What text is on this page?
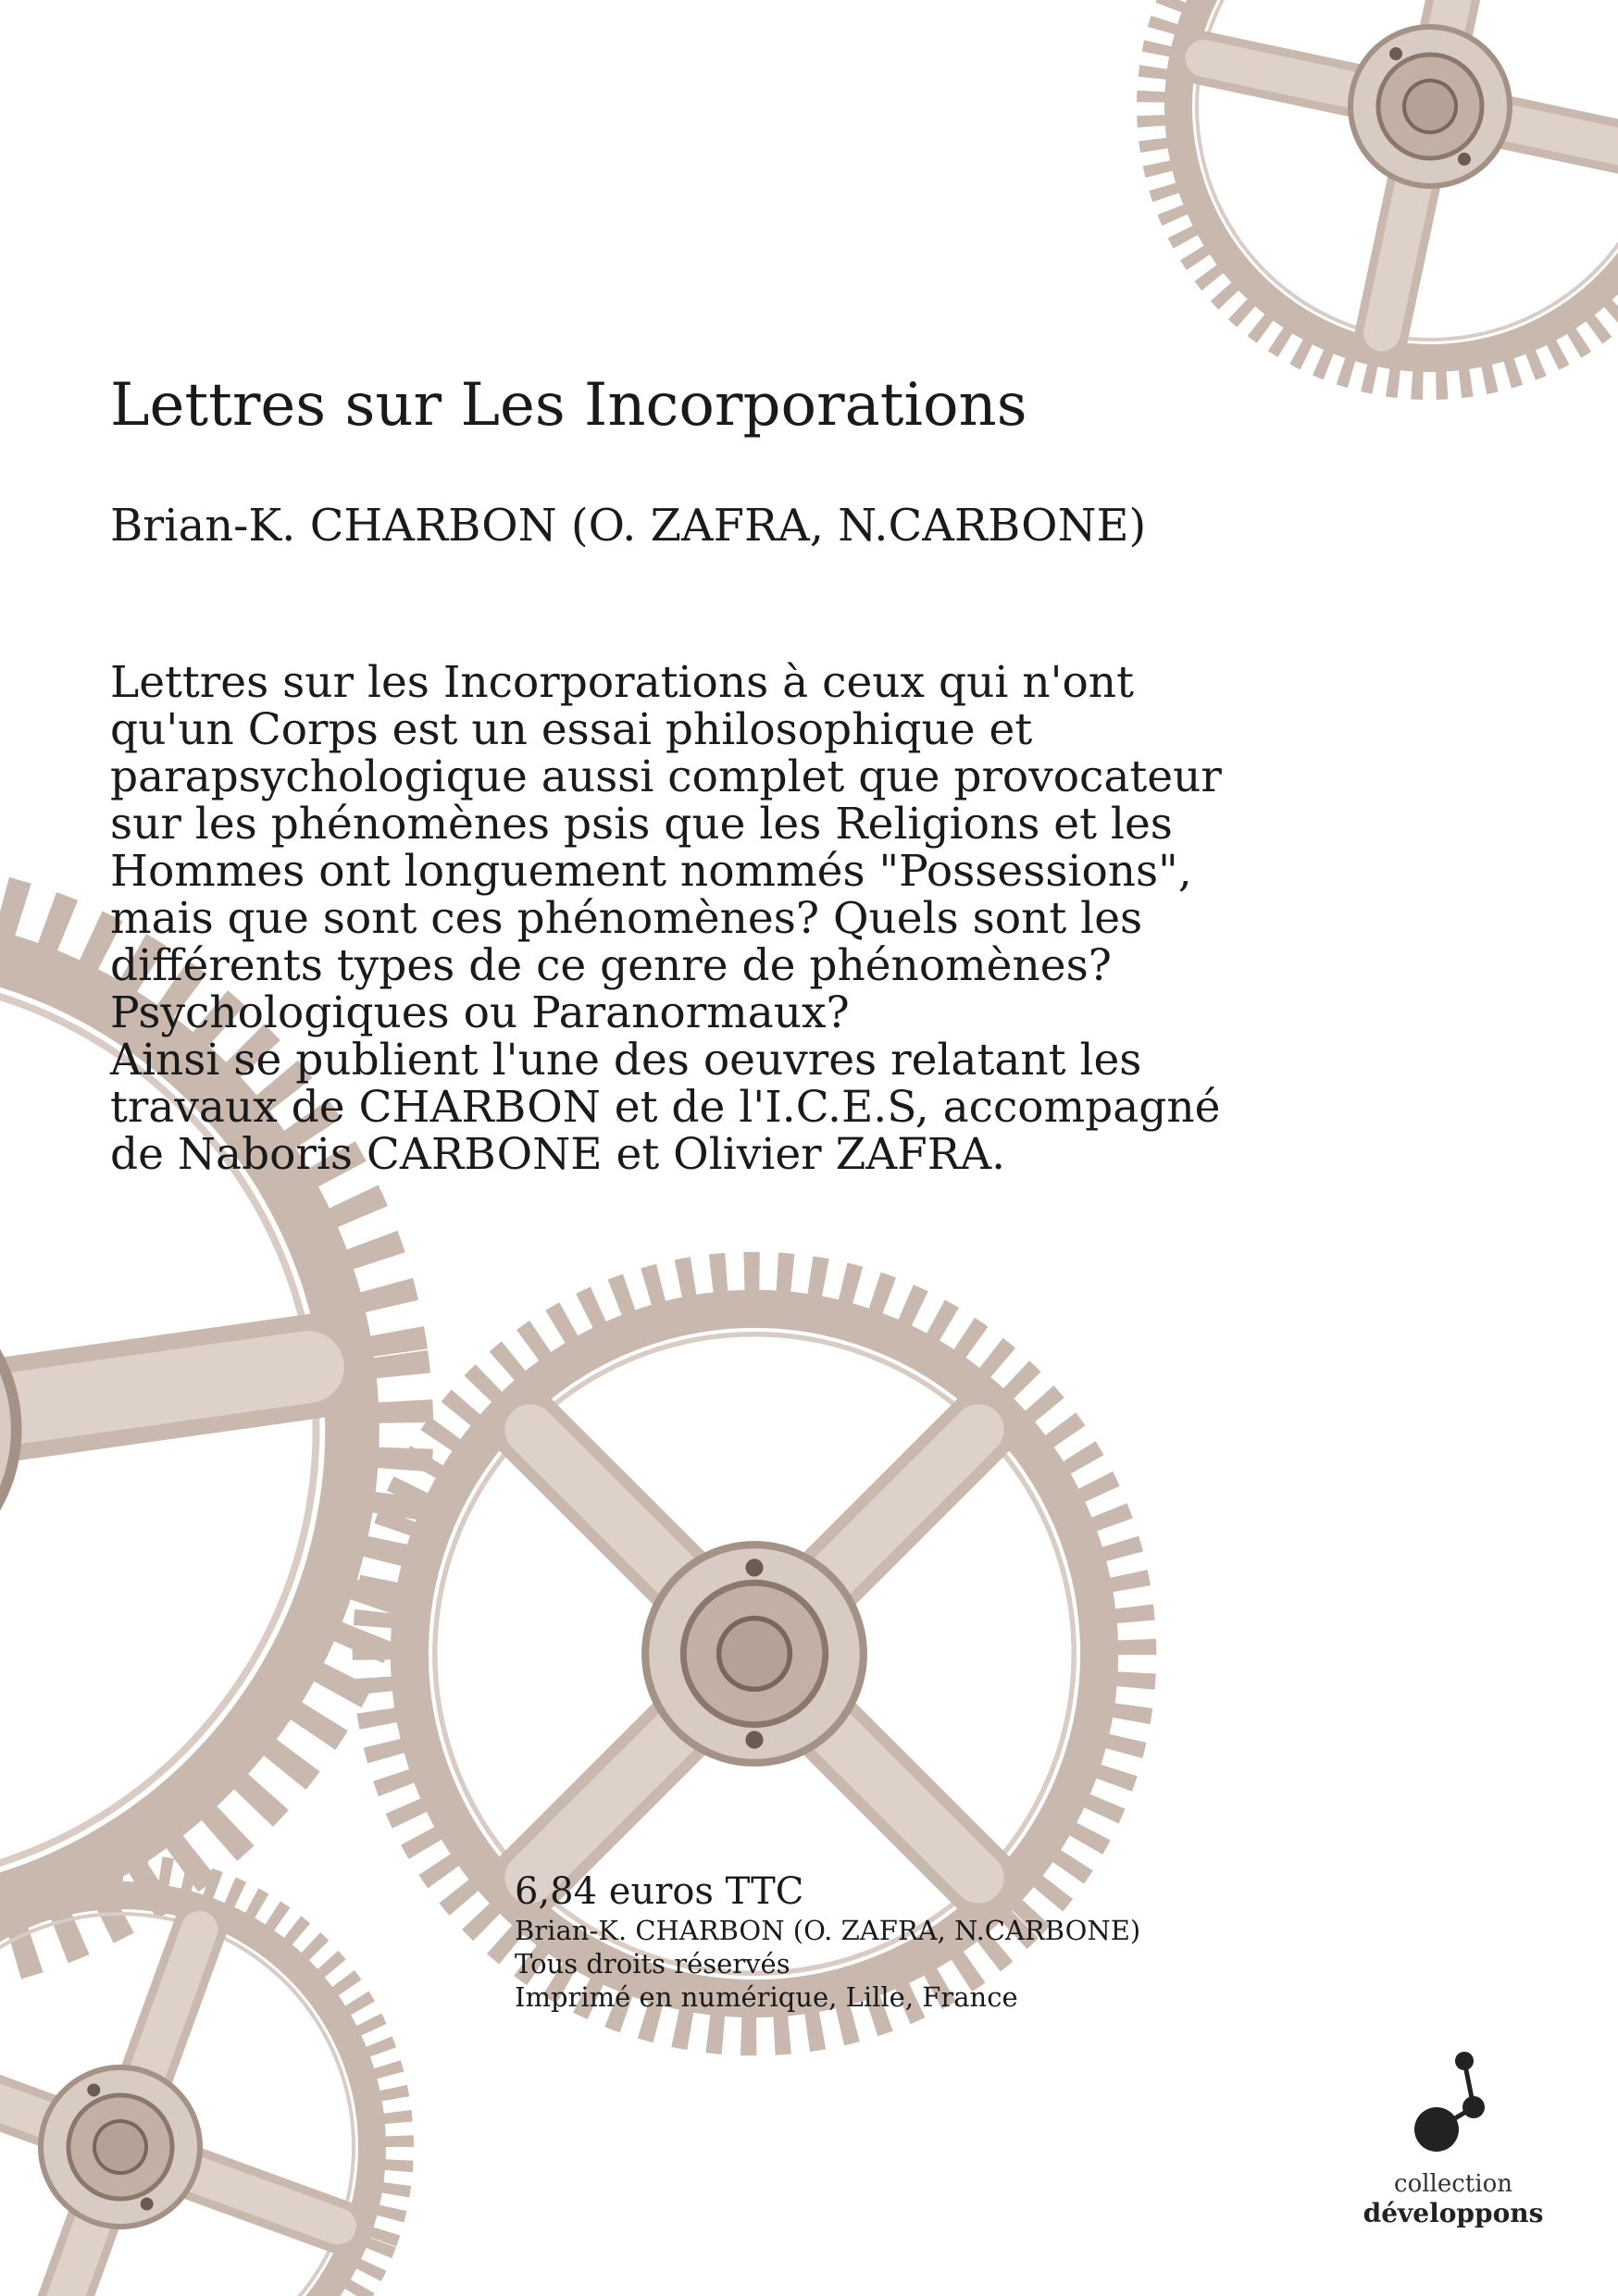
Lettres sur Les Incorporations
Brian-K. CHARBON (O. ZAFRA, N.CARBONE)

Lettres sur les Incorporations à ceux qui n'ont qu'un Corps est un essai philosophique et parapsychologique aussi complet que provocateur sur les phénomènes psis que les Religions et les Hommes ont longuement nommés "Possessions", mais que sont ces phénomènes? Quels sont les différents types de ce genre de phénomènes? Psychologiques ou Paranormaux?

Ainsi se publient l'une des oeuvres relatant les travaux de CHARBON et de l'I.C.E.S, accompagné de Naboris CARBONE et Olivier ZAFRA.

6,84 euros TTC
Brian-K. CHARBON (O. ZAFRA, N.CARBONE)
Tous droits réservés
Imprimé en numérique, Lille, France
collection
développons
